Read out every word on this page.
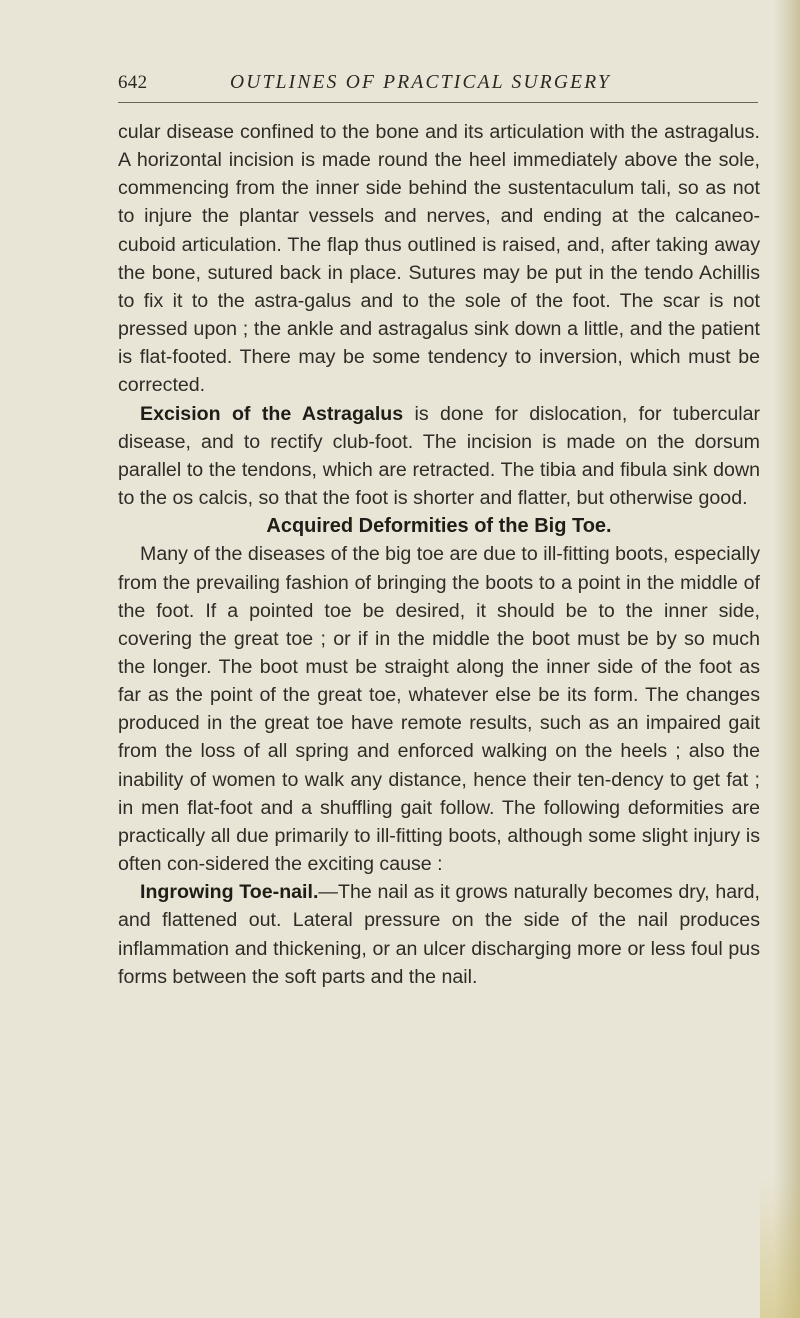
642	OUTLINES OF PRACTICAL SURGERY

cular disease confined to the bone and its articulation with the astragalus. A horizontal incision is made round the heel immediately above the sole, commencing from the inner side behind the sustentaculum tali, so as not to injure the plantar vessels and nerves, and ending at the calcaneo-cuboid articulation. The flap thus outlined is raised, and, after taking away the bone, sutured back in place. Sutures may be put in the tendo Achillis to fix it to the astra-galus and to the sole of the foot. The scar is not pressed upon ; the ankle and astragalus sink down a little, and the patient is flat-footed. There may be some tendency to inversion, which must be corrected.

Excision of the Astragalus is done for dislocation, for tubercular disease, and to rectify club-foot. The incision is made on the dorsum parallel to the tendons, which are retracted. The tibia and fibula sink down to the os calcis, so that the foot is shorter and flatter, but otherwise good.

Acquired Deformities of the Big Toe.

Many of the diseases of the big toe are due to ill-fitting boots, especially from the prevailing fashion of bringing the boots to a point in the middle of the foot. If a pointed toe be desired, it should be to the inner side, covering the great toe ; or if in the middle the boot must be by so much the longer. The boot must be straight along the inner side of the foot as far as the point of the great toe, whatever else be its form. The changes produced in the great toe have remote results, such as an impaired gait from the loss of all spring and enforced walking on the heels ; also the inability of women to walk any distance, hence their ten-dency to get fat ; in men flat-foot and a shuffling gait follow. The following deformities are practically all due primarily to ill-fitting boots, although some slight injury is often con-sidered the exciting cause :

Ingrowing Toe-nail.—The nail as it grows naturally becomes dry, hard, and flattened out. Lateral pressure on the side of the nail produces inflammation and thickening, or an ulcer discharging more or less foul pus forms between the soft parts and the nail.
